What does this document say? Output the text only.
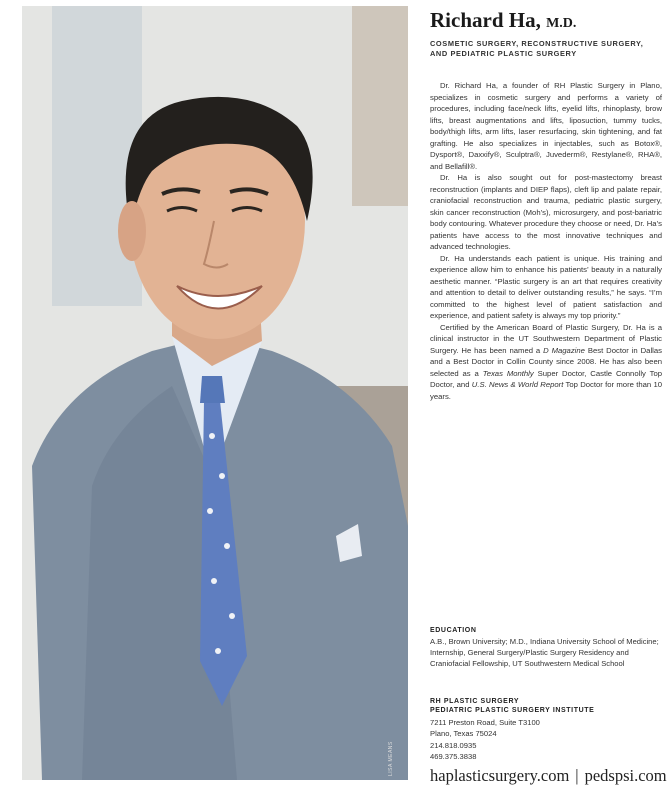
LISA MEANS
Richard Ha, M.D.
COSMETIC SURGERY, RECONSTRUCTIVE SURGERY,
AND PEDIATRIC PLASTIC SURGERY

Dr. Richard Ha, a founder of RH Plastic Surgery in Plano, specializes in cosmetic surgery and performs a variety of procedures, including face/neck lifts, eyelid lifts, rhinoplasty, brow lifts, breast augmentations and lifts, liposuction, tummy tucks, body/thigh lifts, arm lifts, laser resurfacing, skin tightening, and fat grafting. He also specializes in injectables, such as Botox®, Dysport®, Daxxify®, Sculptra®, Juvederm®, Restylane®, RHA®, and Bellafill®.

Dr. Ha is also sought out for post-mastectomy breast reconstruction (implants and DIEP flaps), cleft lip and palate repair, craniofacial reconstruction and trauma, pediatric plastic surgery, skin cancer reconstruction (Moh’s), microsurgery, and post-bariatric body contouring. Whatever procedure they choose or need, Dr. Ha’s patients have access to the most innovative techniques and advanced technologies.

Dr. Ha understands each patient is unique. His training and experience allow him to enhance his patients’ beauty in a naturally aesthetic manner. “Plastic surgery is an art that requires creativity and attention to detail to deliver outstanding results,” he says. “I’m committed to the highest level of patient satisfaction and experience, and patient safety is always my top priority.”

Certified by the American Board of Plastic Surgery, Dr. Ha is a clinical instructor in the UT Southwestern Department of Plastic Surgery. He has been named a D Magazine Best Doctor in Dallas and a Best Doctor in Collin County since 2008. He has also been selected as a Texas Monthly Super Doctor, Castle Connolly Top Doctor, and U.S. News & World Report Top Doctor for more than 10 years.

EDUCATION
A.B., Brown University; M.D., Indiana University School of Medicine; Internship, General Surgery/Plastic Surgery Residency and Craniofacial Fellowship, UT Southwestern Medical School
RH PLASTIC SURGERY
PEDIATRIC PLASTIC SURGERY INSTITUTE
7211 Preston Road, Suite T3100
Plano, Texas 75024
214.818.0935
469.375.3838
haplasticsurgery.com | pedspsi.com
